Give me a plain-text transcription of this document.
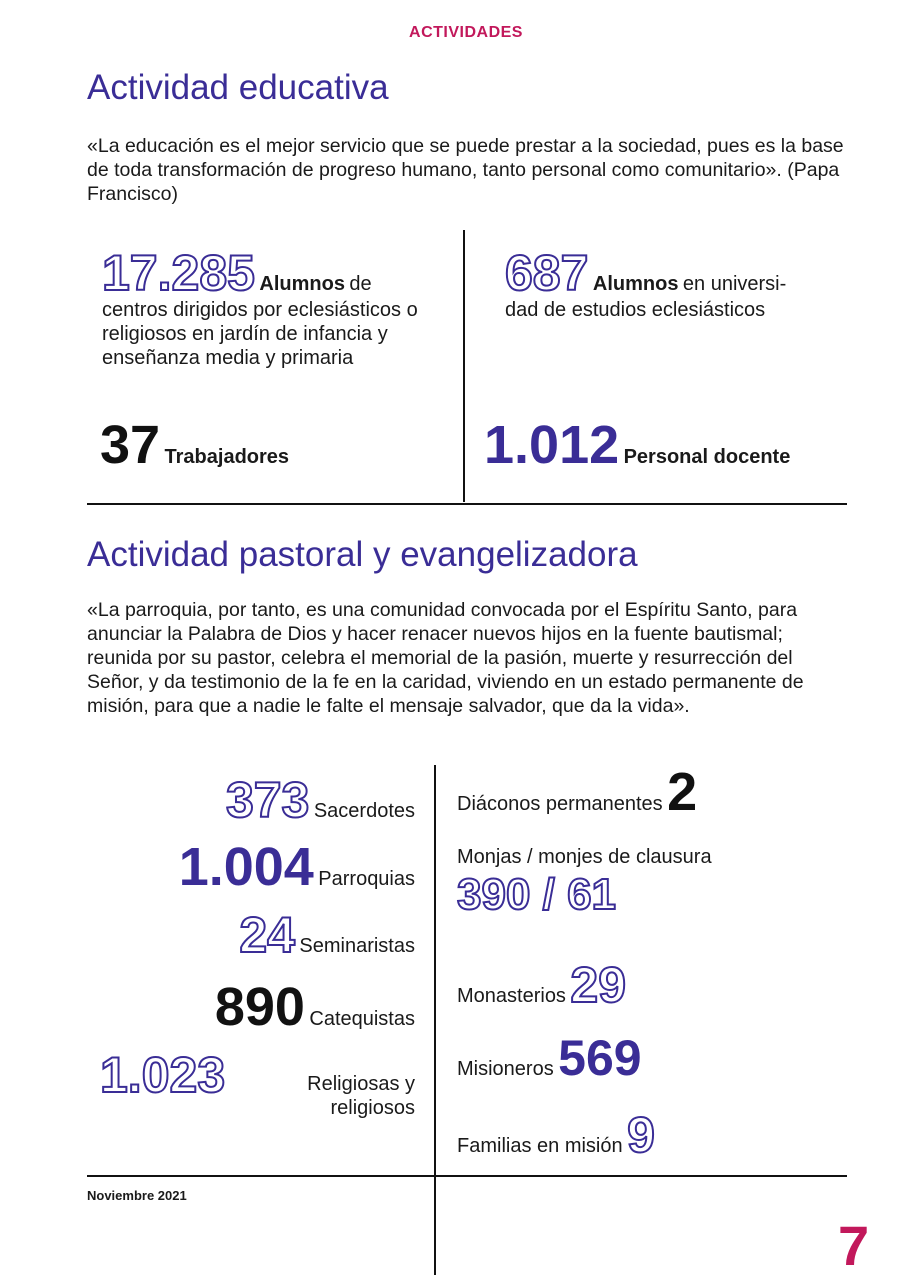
ACTIVIDADES
Actividad educativa
«La educación es el mejor servicio que se puede prestar a la sociedad, pues es la base de toda transformación de progreso humano, tanto personal como comunitario». (Papa Francisco)
17.285 Alumnos de
centros dirigidos por eclesiásticos o religiosos en jardín de infancia y enseñanza media y primaria
687 Alumnos en universi-
dad de estudios eclesiásticos
37 Trabajadores	1.012 Personal docente
Actividad pastoral y evangelizadora
«La parroquia, por tanto, es una comunidad convocada por el Espíritu Santo, para anunciar la Palabra de Dios y hacer renacer nuevos hijos en la fuente bautismal; reunida por su pastor, celebra el memorial de la pasión, muerte y resurrección del Señor, y da testimonio de la fe en la caridad, viviendo en un estado permanente de misión, para que a nadie le falte el mensaje salvador, que da la vida».
373 Sacerdotes
1.004 Parroquias
24 Seminaristas
890 Catequistas
1.023	Religiosas y
religiosos
Diáconos permanentes 2
Monjas / monjes de clausura
390 / 61
Monasterios 29
Misioneros 569
Familias en misión 9
Noviembre 2021
7
